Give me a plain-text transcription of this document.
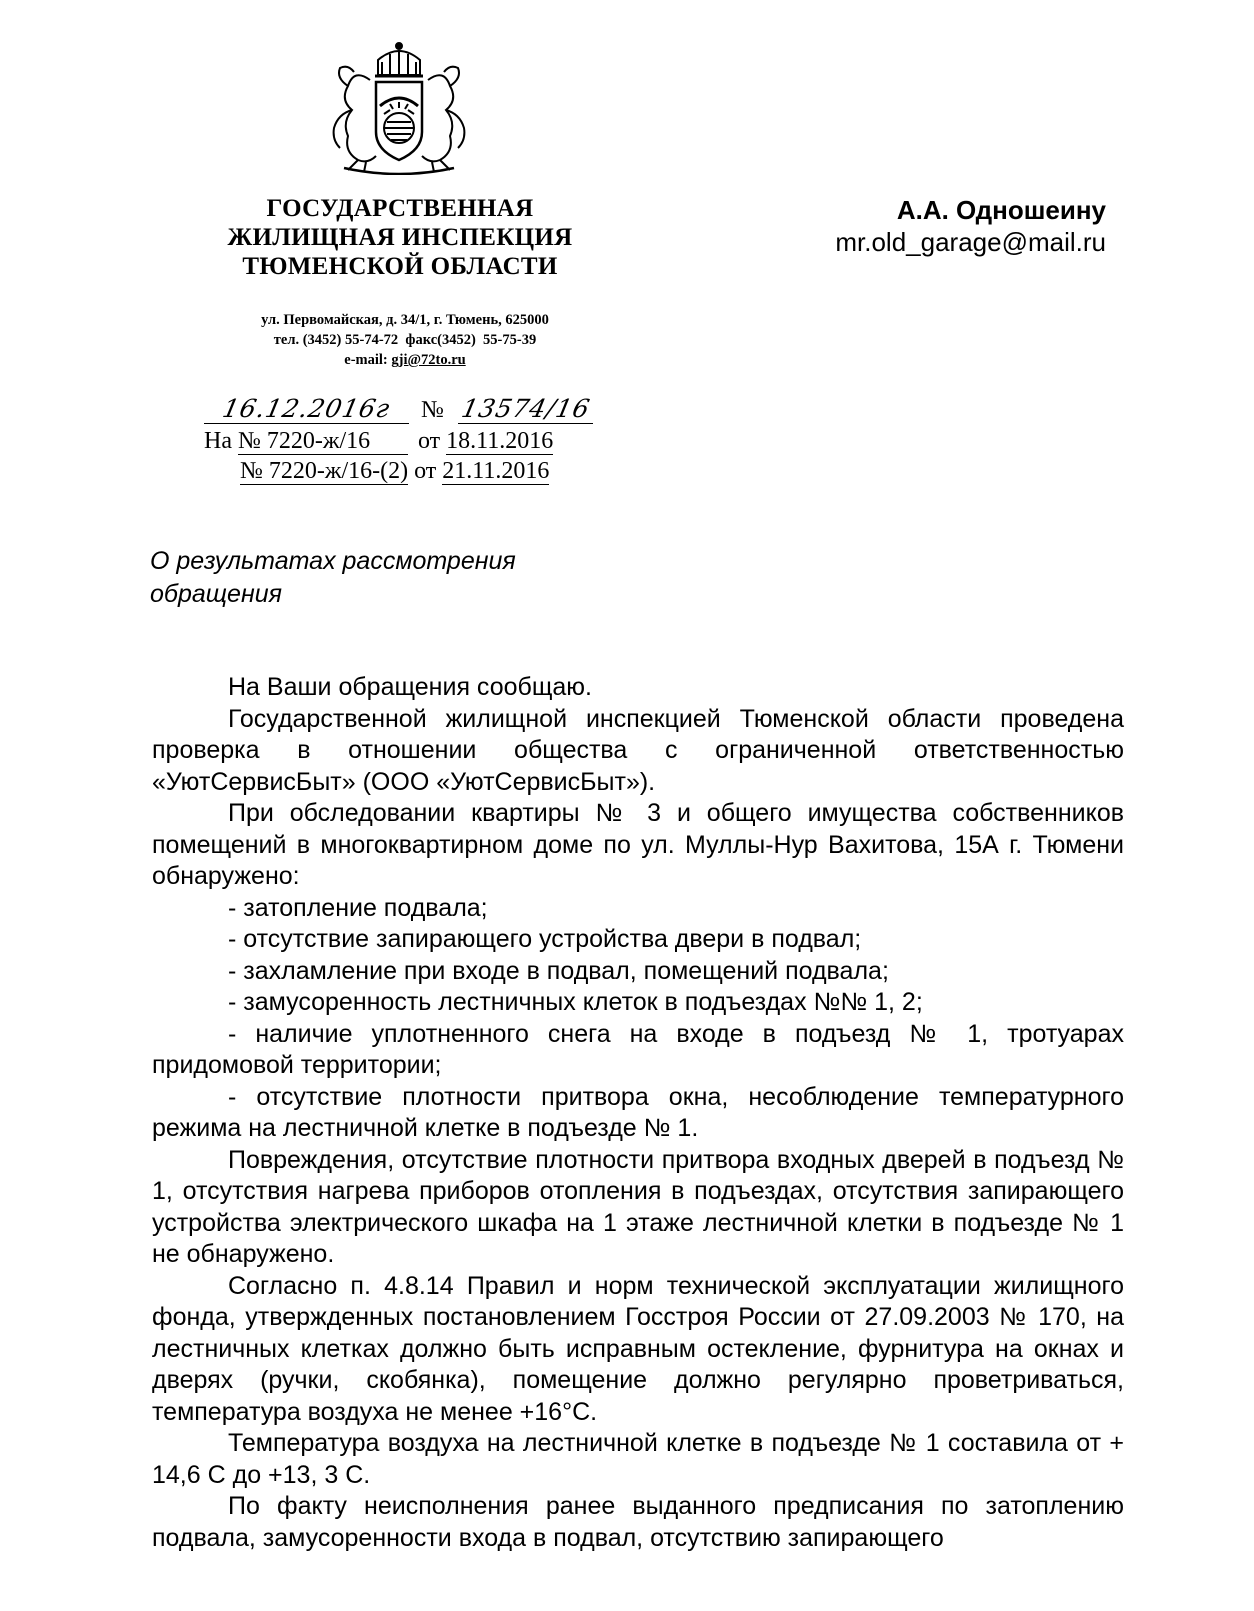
ГОСУДАРСТВЕННАЯ
ЖИЛИЩНАЯ ИНСПЕКЦИЯ
ТЮМЕНСКОЙ ОБЛАСТИ
ул. Первомайская, д. 34/1, г. Тюмень, 625000
тел. (3452) 55-74-72  факс(3452)  55-75-39
e-mail: gji@72to.ru
А.А. Одношеину
mr.old_garage@mail.ru
16.12.2016г № 13574/16
На № 7220-ж/16 от 18.11.2016
№ 7220-ж/16-(2) от 21.11.2016
О результатах рассмотрения
обращения

На Ваши обращения сообщаю.

Государственной жилищной инспекцией Тюменской области проведена проверка в отношении общества с ограниченной ответственностью «УютСервисБыт» (ООО «УютСервисБыт»).

При обследовании квартиры № 3 и общего имущества собственников помещений в многоквартирном доме по ул. Муллы-Нур Вахитова, 15А г. Тюмени обнаружено:

- затопление подвала;

- отсутствие запирающего устройства двери в подвал;

- захламление при входе в подвал, помещений подвала;

- замусоренность лестничных клеток в подъездах №№ 1, 2;

- наличие уплотненного снега на входе в подъезд № 1, тротуарах придомовой территории;

- отсутствие плотности притвора окна, несоблюдение температурного режима на лестничной клетке в подъезде № 1.

Повреждения, отсутствие плотности притвора входных дверей в подъезд № 1, отсутствия нагрева приборов отопления в подъездах, отсутствия запирающего устройства электрического шкафа на 1 этаже лестничной клетки в подъезде № 1 не обнаружено.

Согласно п. 4.8.14 Правил и норм технической эксплуатации жилищного фонда, утвержденных постановлением Госстроя России от 27.09.2003 № 170, на лестничных клетках должно быть исправным остекление, фурнитура на окнах и дверях (ручки, скобянка), помещение должно регулярно проветриваться, температура воздуха не менее +16°С.

Температура воздуха на лестничной клетке в подъезде № 1 составила от + 14,6 С до +13, 3 С.

По факту неисполнения ранее выданного предписания по затоплению подвала, замусоренности входа в подвал, отсутствию запирающего
